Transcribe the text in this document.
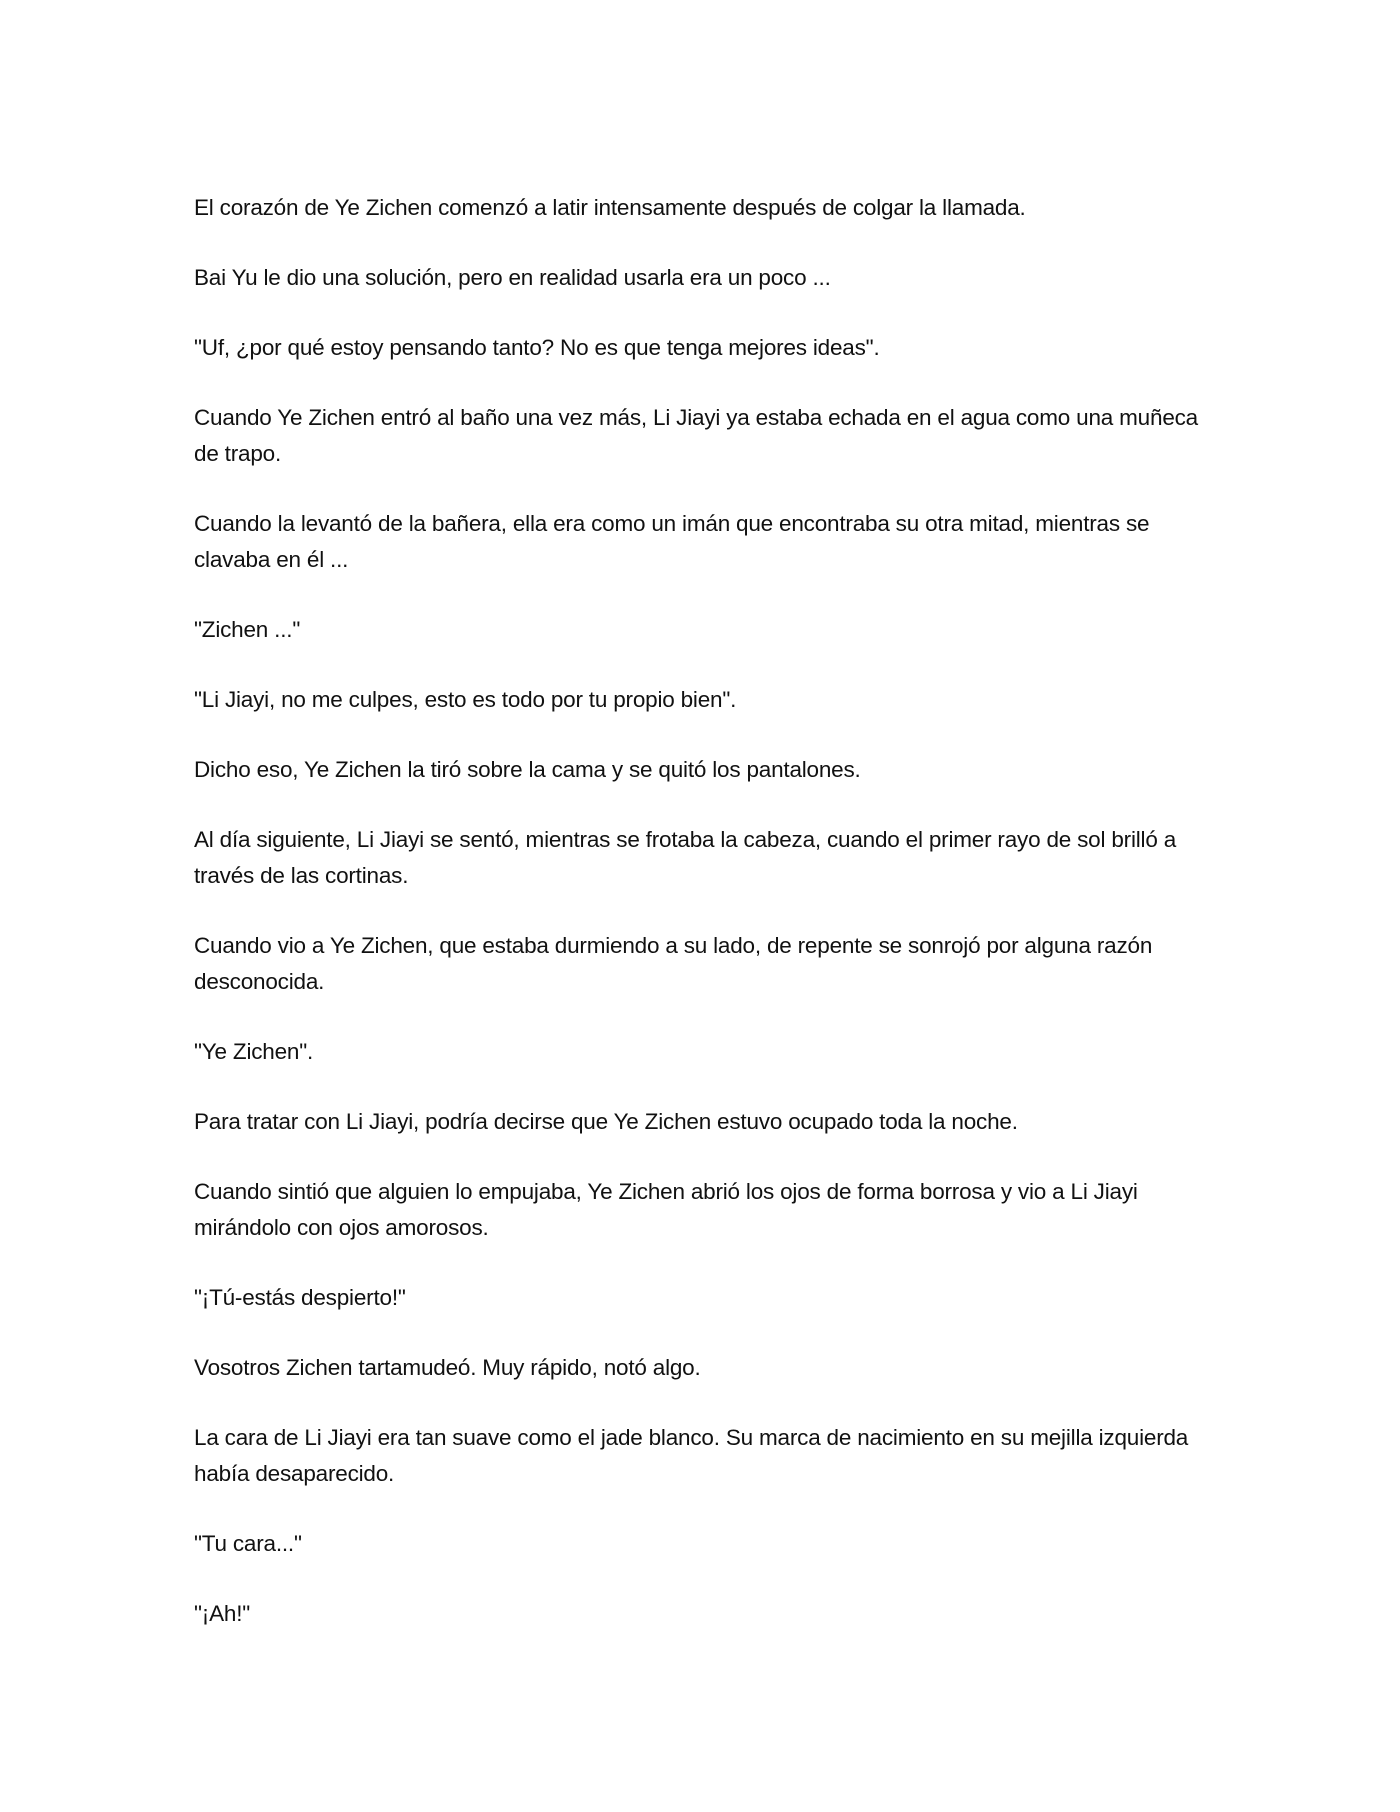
El corazón de Ye Zichen comenzó a latir intensamente después de colgar la llamada.

Bai Yu le dio una solución, pero en realidad usarla era un poco ...

"Uf, ¿por qué estoy pensando tanto? No es que tenga mejores ideas".

Cuando Ye Zichen entró al baño una vez más, Li Jiayi ya estaba echada en el agua como una muñeca de trapo.

Cuando la levantó de la bañera, ella era como un imán que encontraba su otra mitad, mientras se clavaba en él ...

"Zichen ..."

"Li Jiayi, no me culpes, esto es todo por tu propio bien".

Dicho eso, Ye Zichen la tiró sobre la cama y se quitó los pantalones.

Al día siguiente, Li Jiayi se sentó, mientras se frotaba la cabeza, cuando el primer rayo de sol brilló a través de las cortinas.

Cuando vio a Ye Zichen, que estaba durmiendo a su lado, de repente se sonrojó por alguna razón desconocida.

"Ye Zichen".

Para tratar con Li Jiayi, podría decirse que Ye Zichen estuvo ocupado toda la noche.

Cuando sintió que alguien lo empujaba, Ye Zichen abrió los ojos de forma borrosa y vio a Li Jiayi mirándolo con ojos amorosos.

"¡Tú-estás despierto!"

Vosotros Zichen tartamudeó. Muy rápido, notó algo.

La cara de Li Jiayi era tan suave como el jade blanco. Su marca de nacimiento en su mejilla izquierda había desaparecido.

"Tu cara..."

"¡Ah!"
